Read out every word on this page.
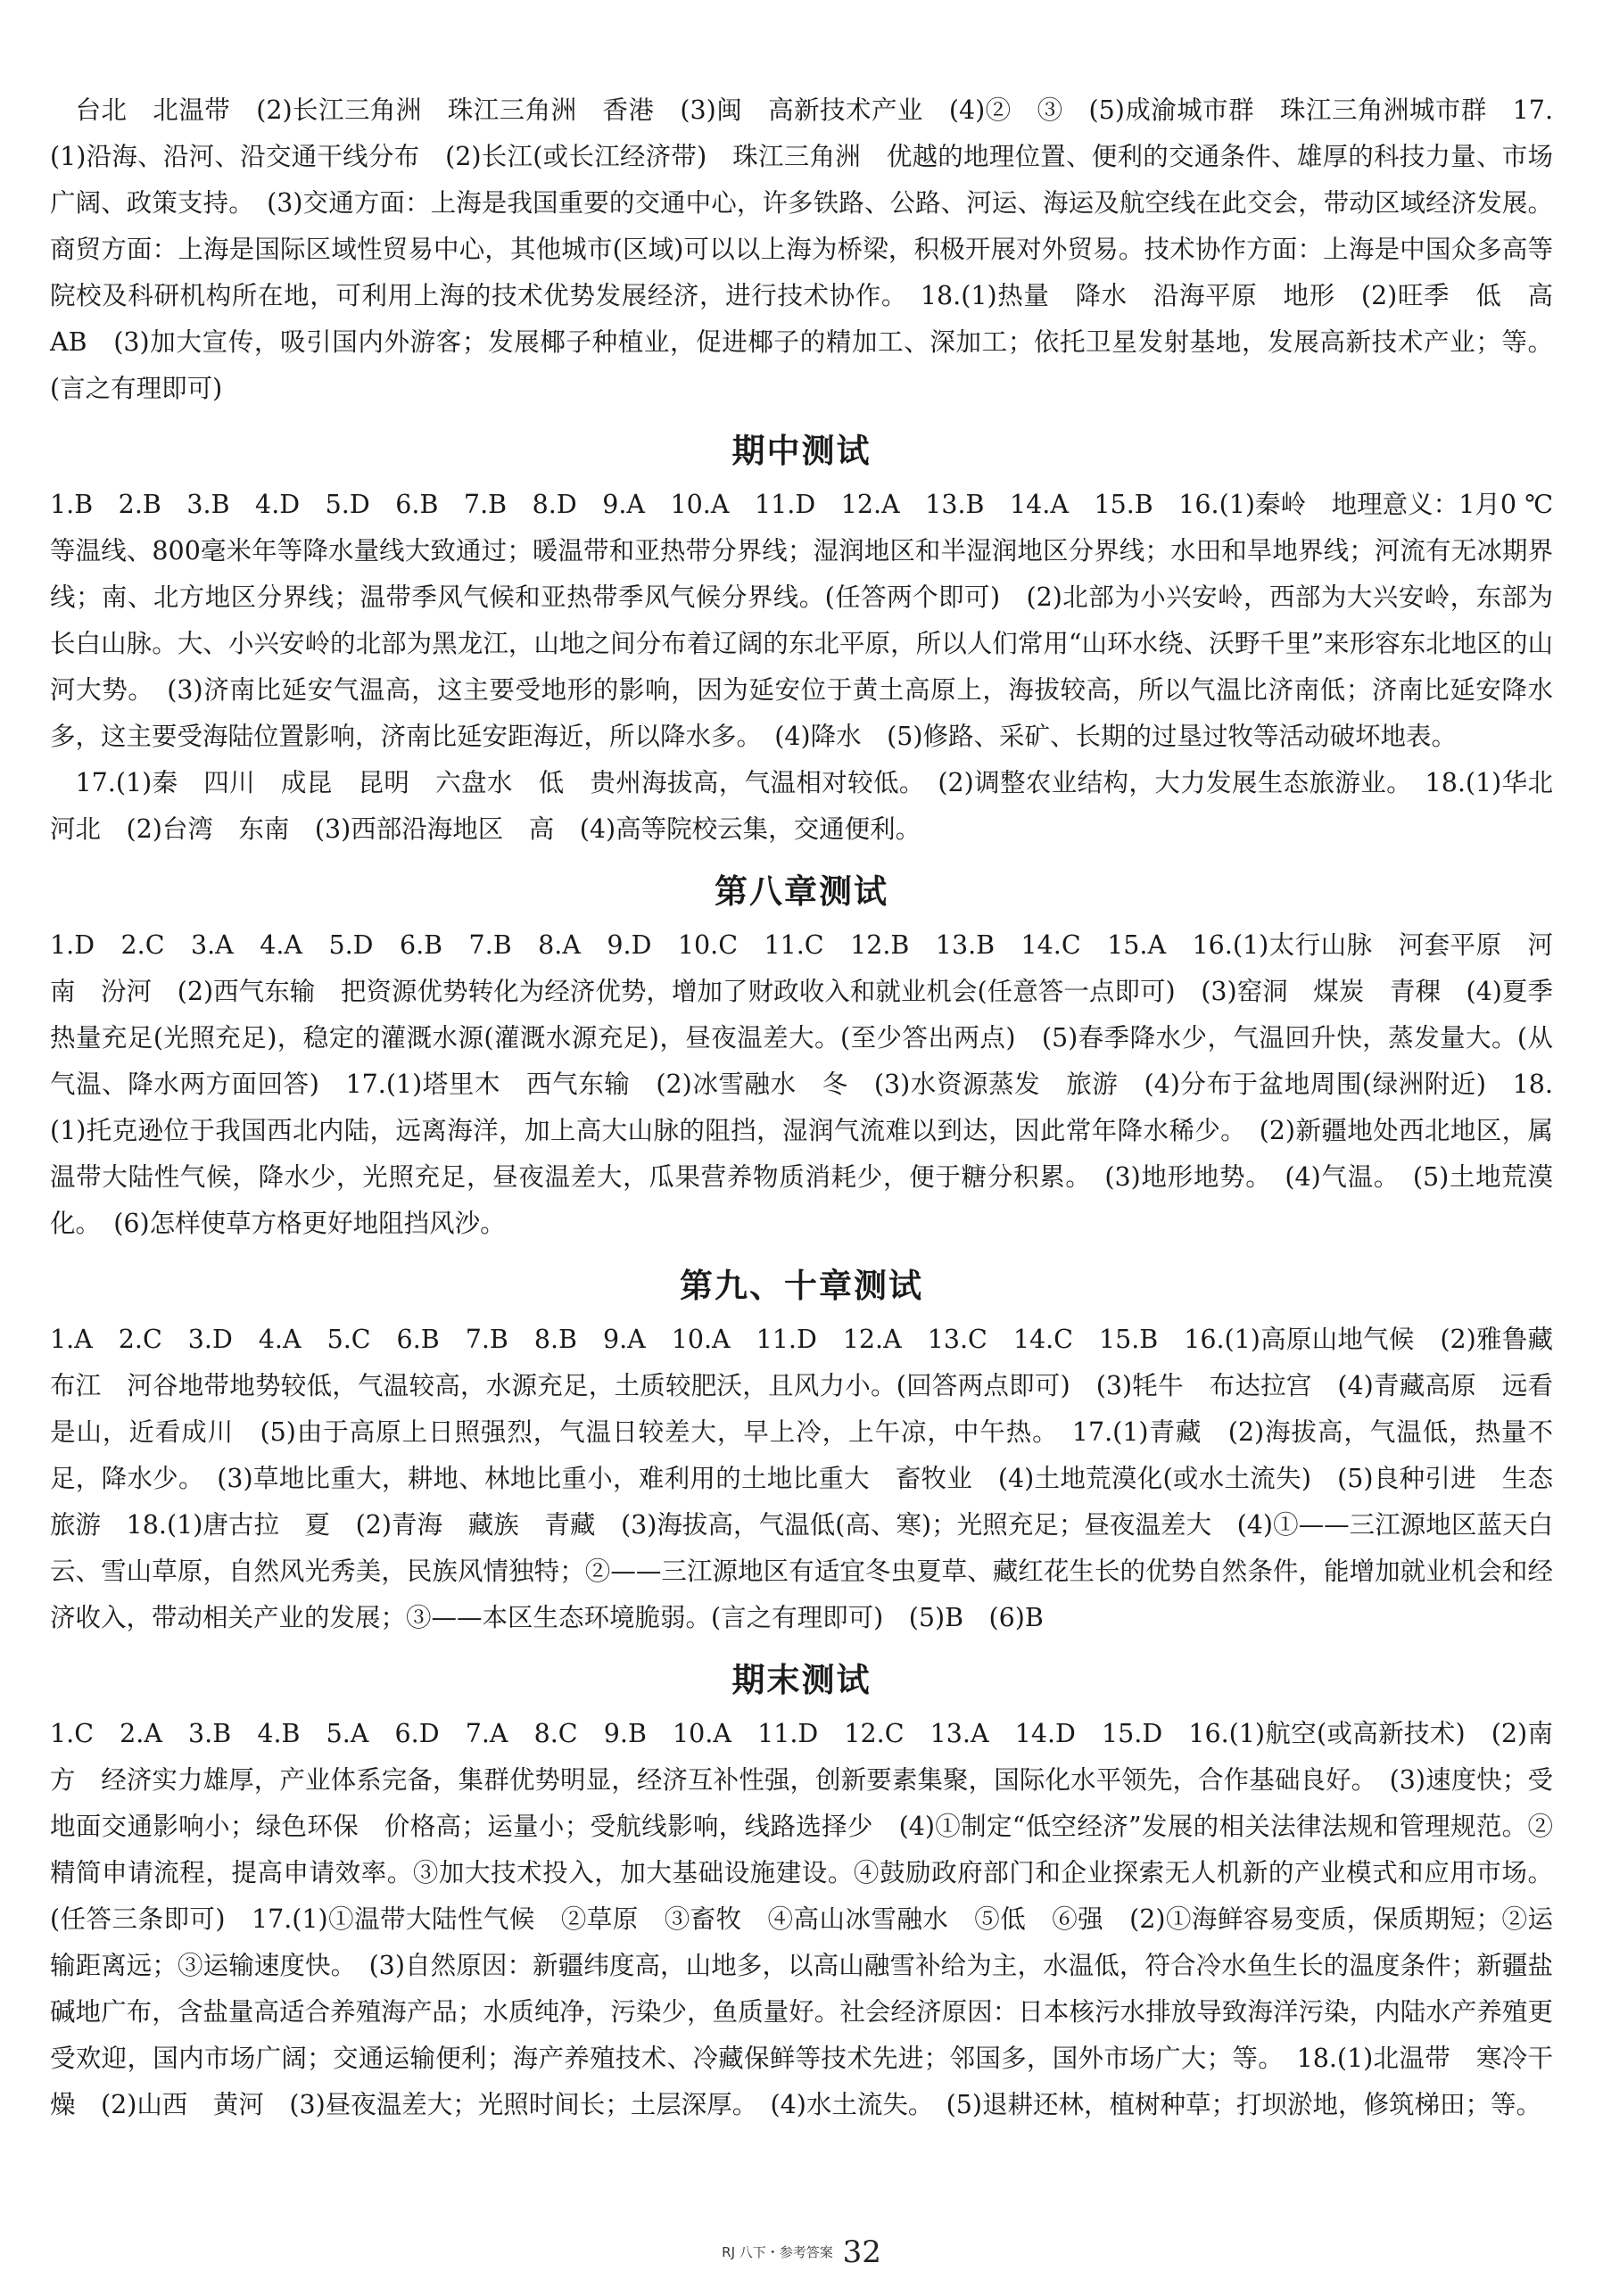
台北　北温带　(2)长江三角洲　珠江三角洲　香港　(3)闽　高新技术产业　(4)②　③　(5)成渝城市群　珠江三角洲城市群　17.(1)沿海、沿河、沿交通干线分布　(2)长江(或长江经济带)　珠江三角洲　优越的地理位置、便利的交通条件、雄厚的科技力量、市场广阔、政策支持。　(3)交通方面：上海是我国重要的交通中心，许多铁路、公路、河运、海运及航空线在此交会，带动区域经济发展。商贸方面：上海是国际区域性贸易中心，其他城市(区域)可以以上海为桥梁，积极开展对外贸易。技术协作方面：上海是中国众多高等院校及科研机构所在地，可利用上海的技术优势发展经济，进行技术协作。　18.(1)热量　降水　沿海平原　地形　(2)旺季　低　高　AB　(3)加大宣传，吸引国内外游客；发展椰子种植业，促进椰子的精加工、深加工；依托卫星发射基地，发展高新技术产业；等。(言之有理即可)

期中测试

1.B　2.B　3.B　4.D　5.D　6.B　7.B　8.D　9.A　10.A　11.D　12.A　13.B　14.A　15.B　16.(1)秦岭　地理意义：1月0 ℃等温线、800毫米年等降水量线大致通过；暖温带和亚热带分界线；湿润地区和半湿润地区分界线；水田和旱地界线；河流有无冰期界线；南、北方地区分界线；温带季风气候和亚热带季风气候分界线。(任答两个即可)　(2)北部为小兴安岭，西部为大兴安岭，东部为长白山脉。大、小兴安岭的北部为黑龙江，山地之间分布着辽阔的东北平原，所以人们常用“山环水绕、沃野千里”来形容东北地区的山河大势。　(3)济南比延安气温高，这主要受地形的影响，因为延安位于黄土高原上，海拔较高，所以气温比济南低；济南比延安降水多，这主要受海陆位置影响，济南比延安距海近，所以降水多。　(4)降水　(5)修路、采矿、长期的过垦过牧等活动破坏地表。

17.(1)秦　四川　成昆　昆明　六盘水　低　贵州海拔高，气温相对较低。　(2)调整农业结构，大力发展生态旅游业。　18.(1)华北　河北　(2)台湾　东南　(3)西部沿海地区　高　(4)高等院校云集，交通便利。

第八章测试

1.D　2.C　3.A　4.A　5.D　6.B　7.B　8.A　9.D　10.C　11.C　12.B　13.B　14.C　15.A　16.(1)太行山脉　河套平原　河南　汾河　(2)西气东输　把资源优势转化为经济优势，增加了财政收入和就业机会(任意答一点即可)　(3)窑洞　煤炭　青稞　(4)夏季热量充足(光照充足)，稳定的灌溉水源(灌溉水源充足)，昼夜温差大。(至少答出两点)　(5)春季降水少，气温回升快，蒸发量大。(从气温、降水两方面回答)　17.(1)塔里木　西气东输　(2)冰雪融水　冬　(3)水资源蒸发　旅游　(4)分布于盆地周围(绿洲附近)　18.(1)托克逊位于我国西北内陆，远离海洋，加上高大山脉的阻挡，湿润气流难以到达，因此常年降水稀少。　(2)新疆地处西北地区，属温带大陆性气候，降水少，光照充足，昼夜温差大，瓜果营养物质消耗少，便于糖分积累。　(3)地形地势。　(4)气温。　(5)土地荒漠化。　(6)怎样使草方格更好地阻挡风沙。

第九、十章测试

1.A　2.C　3.D　4.A　5.C　6.B　7.B　8.B　9.A　10.A　11.D　12.A　13.C　14.C　15.B　16.(1)高原山地气候　(2)雅鲁藏布江　河谷地带地势较低，气温较高，水源充足，土质较肥沃，且风力小。(回答两点即可)　(3)牦牛　布达拉宫　(4)青藏高原　远看是山，近看成川　(5)由于高原上日照强烈，气温日较差大，早上冷，上午凉，中午热。　17.(1)青藏　(2)海拔高，气温低，热量不足，降水少。　(3)草地比重大，耕地、林地比重小，难利用的土地比重大　畜牧业　(4)土地荒漠化(或水土流失)　(5)良种引进　生态旅游　18.(1)唐古拉　夏　(2)青海　藏族　青藏　(3)海拔高，气温低(高、寒)；光照充足；昼夜温差大　(4)①——三江源地区蓝天白云、雪山草原，自然风光秀美，民族风情独特；②——三江源地区有适宜冬虫夏草、藏红花生长的优势自然条件，能增加就业机会和经济收入，带动相关产业的发展；③——本区生态环境脆弱。(言之有理即可)　(5)B　(6)B

期末测试

1.C　2.A　3.B　4.B　5.A　6.D　7.A　8.C　9.B　10.A　11.D　12.C　13.A　14.D　15.D　16.(1)航空(或高新技术)　(2)南方　经济实力雄厚，产业体系完备，集群优势明显，经济互补性强，创新要素集聚，国际化水平领先，合作基础良好。　(3)速度快；受地面交通影响小；绿色环保　价格高；运量小；受航线影响，线路选择少　(4)①制定“低空经济”发展的相关法律法规和管理规范。②精简申请流程，提高申请效率。③加大技术投入，加大基础设施建设。④鼓励政府部门和企业探索无人机新的产业模式和应用市场。(任答三条即可)　17.(1)①温带大陆性气候　②草原　③畜牧　④高山冰雪融水　⑤低　⑥强　(2)①海鲜容易变质，保质期短；②运输距离远；③运输速度快。　(3)自然原因：新疆纬度高，山地多，以高山融雪补给为主，水温低，符合冷水鱼生长的温度条件；新疆盐碱地广布，含盐量高适合养殖海产品；水质纯净，污染少，鱼质量好。社会经济原因：日本核污水排放导致海洋污染，内陆水产养殖更受欢迎，国内市场广阔；交通运输便利；海产养殖技术、冷藏保鲜等技术先进；邻国多，国外市场广大；等。　18.(1)北温带　寒冷干燥　(2)山西　黄河　(3)昼夜温差大；光照时间长；土层深厚。　(4)水土流失。　(5)退耕还林，植树种草；打坝淤地，修筑梯田；等。

RJ 八下・参考答案 32
